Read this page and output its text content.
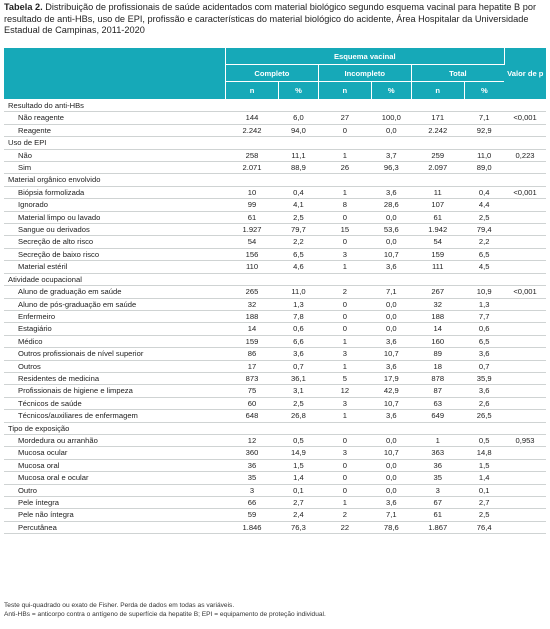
Tabela 2. Distribuição de profissionais de saúde acidentados com material biológico segundo esquema vacinal para hepatite B por resultado de anti-HBs, uso de EPI, profissão e características do material biológico do acidente, Área Hospitalar da Universidade Estadual de Campinas, 2011-2020
	Esquema vacinal						Valor de p
	Completo		Incompleto		Total		
	n	%	n	%	n	%	
Resultado do anti-HBs							
Não reagente	144	6,0	27	100,0	171	7,1	<0,001
Reagente	2.242	94,0	0	0,0	2.242	92,9	
Uso de EPI							
Não	258	11,1	1	3,7	259	11,0	0,223
Sim	2.071	88,9	26	96,3	2.097	89,0	
Material orgânico envolvido							
Biópsia formolizada	10	0,4	1	3,6	11	0,4	<0,001
Ignorado	99	4,1	8	28,6	107	4,4	
Material limpo ou lavado	61	2,5	0	0,0	61	2,5	
Sangue ou derivados	1.927	79,7	15	53,6	1.942	79,4	
Secreção de alto risco	54	2,2	0	0,0	54	2,2	
Secreção de baixo risco	156	6,5	3	10,7	159	6,5	
Material estéril	110	4,6	1	3,6	111	4,5	
Atividade ocupacional							
Aluno de graduação em saúde	265	11,0	2	7,1	267	10,9	<0,001
Aluno de pós-graduação em saúde	32	1,3	0	0,0	32	1,3	
Enfermeiro	188	7,8	0	0,0	188	7,7	
Estagiário	14	0,6	0	0,0	14	0,6	
Médico	159	6,6	1	3,6	160	6,5	
Outros profissionais de nível superior	86	3,6	3	10,7	89	3,6	
Outros	17	0,7	1	3,6	18	0,7	
Residentes de medicina	873	36,1	5	17,9	878	35,9	
Profissionais de higiene e limpeza	75	3,1	12	42,9	87	3,6	
Técnicos de saúde	60	2,5	3	10,7	63	2,6	
Técnicos/auxiliares de enfermagem	648	26,8	1	3,6	649	26,5	
Tipo de exposição							
Mordedura ou arranhão	12	0,5	0	0,0	1	0,5	0,953
Mucosa ocular	360	14,9	3	10,7	363	14,8	
Mucosa oral	36	1,5	0	0,0	36	1,5	
Mucosa oral e ocular	35	1,4	0	0,0	35	1,4	
Outro	3	0,1	0	0,0	3	0,1	
Pele íntegra	66	2,7	1	3,6	67	2,7	
Pele não íntegra	59	2,4	2	7,1	61	2,5	
Percutânea	1.846	76,3	22	78,6	1.867	76,4	
Teste qui-quadrado ou exato de Fisher. Perda de dados em todas as variáveis.
Anti-HBs = anticorpo contra o antígeno de superfície da hepatite B; EPI = equipamento de proteção individual.
